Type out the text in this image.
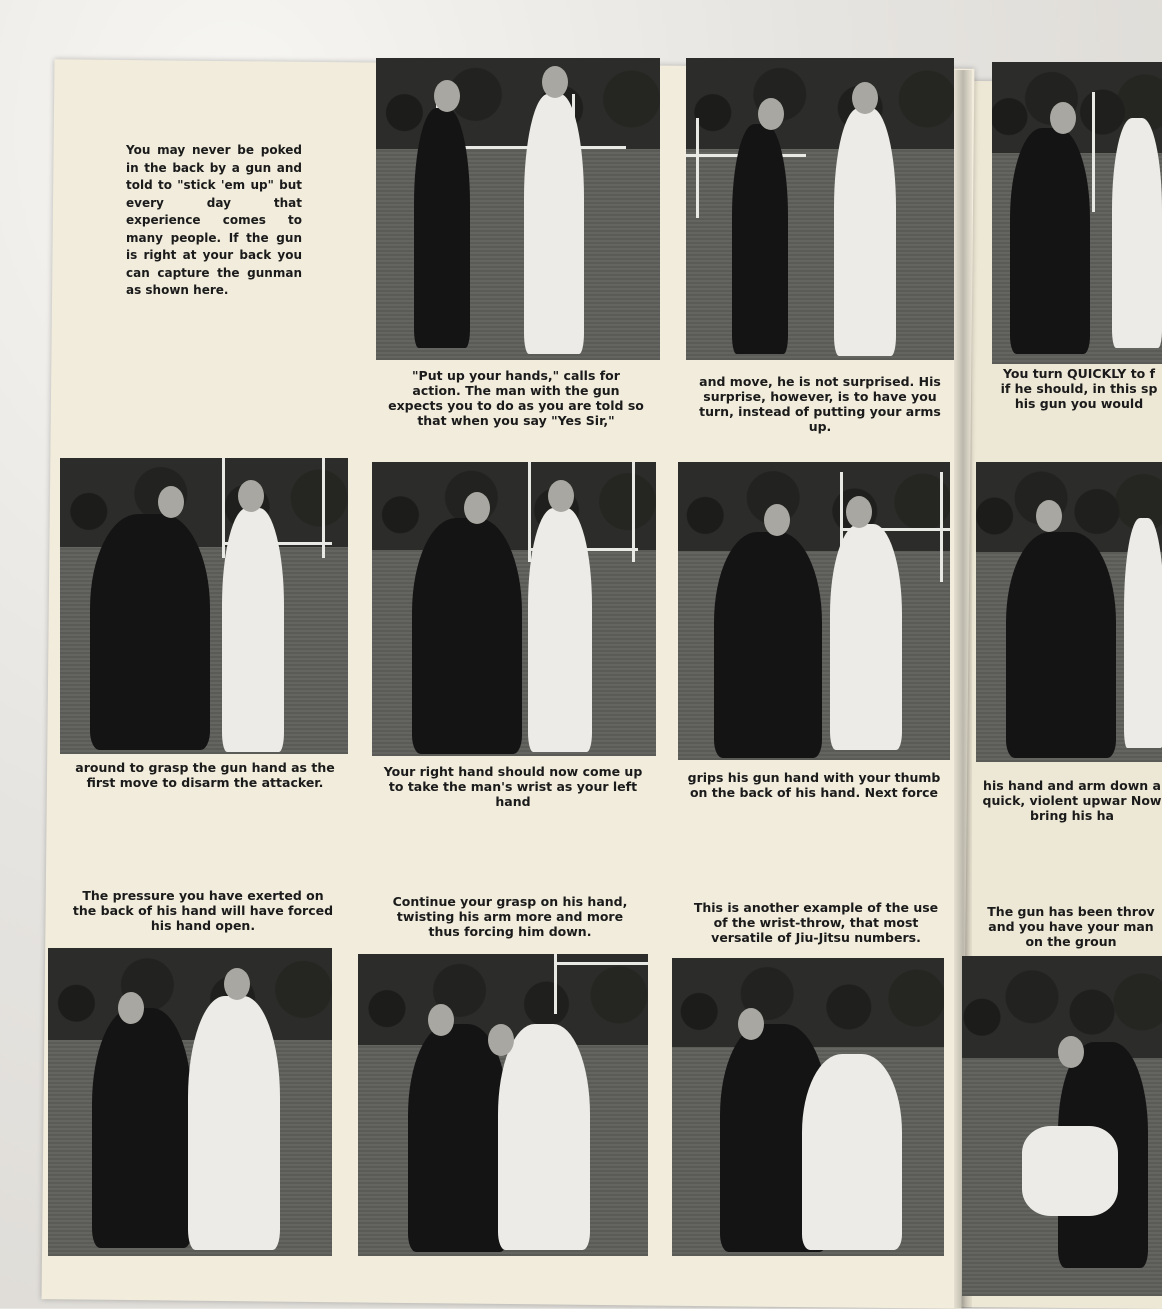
You may never be poked in the back by a gun and told to "stick 'em up" but every day that experience comes to many people. If the gun is right at your back you can capture the gunman as shown here.
"Put up your hands," calls for action. The man with the gun expects you to do as you are told so that when you say "Yes Sir,"
and move, he is not surprised. His surprise, however, is to have you turn, instead of putting your arms up.
You turn QUICKLY to f if he should, in this sp his gun you would
around to grasp the gun hand as the first move to disarm the attacker.
Your right hand should now come up to take the man's wrist as your left hand
grips his gun hand with your thumb on the back of his hand. Next force	his hand and arm down a quick, violent upwar Now bring his ha
The pressure you have exerted on the back of his hand will have forced his hand open.
Continue your grasp on his hand, twisting his arm more and more thus forcing him down.
This is another example of the use of the wrist-throw, that most versatile of Jiu-Jitsu numbers.
The gun has been throv and you have your man on the groun
